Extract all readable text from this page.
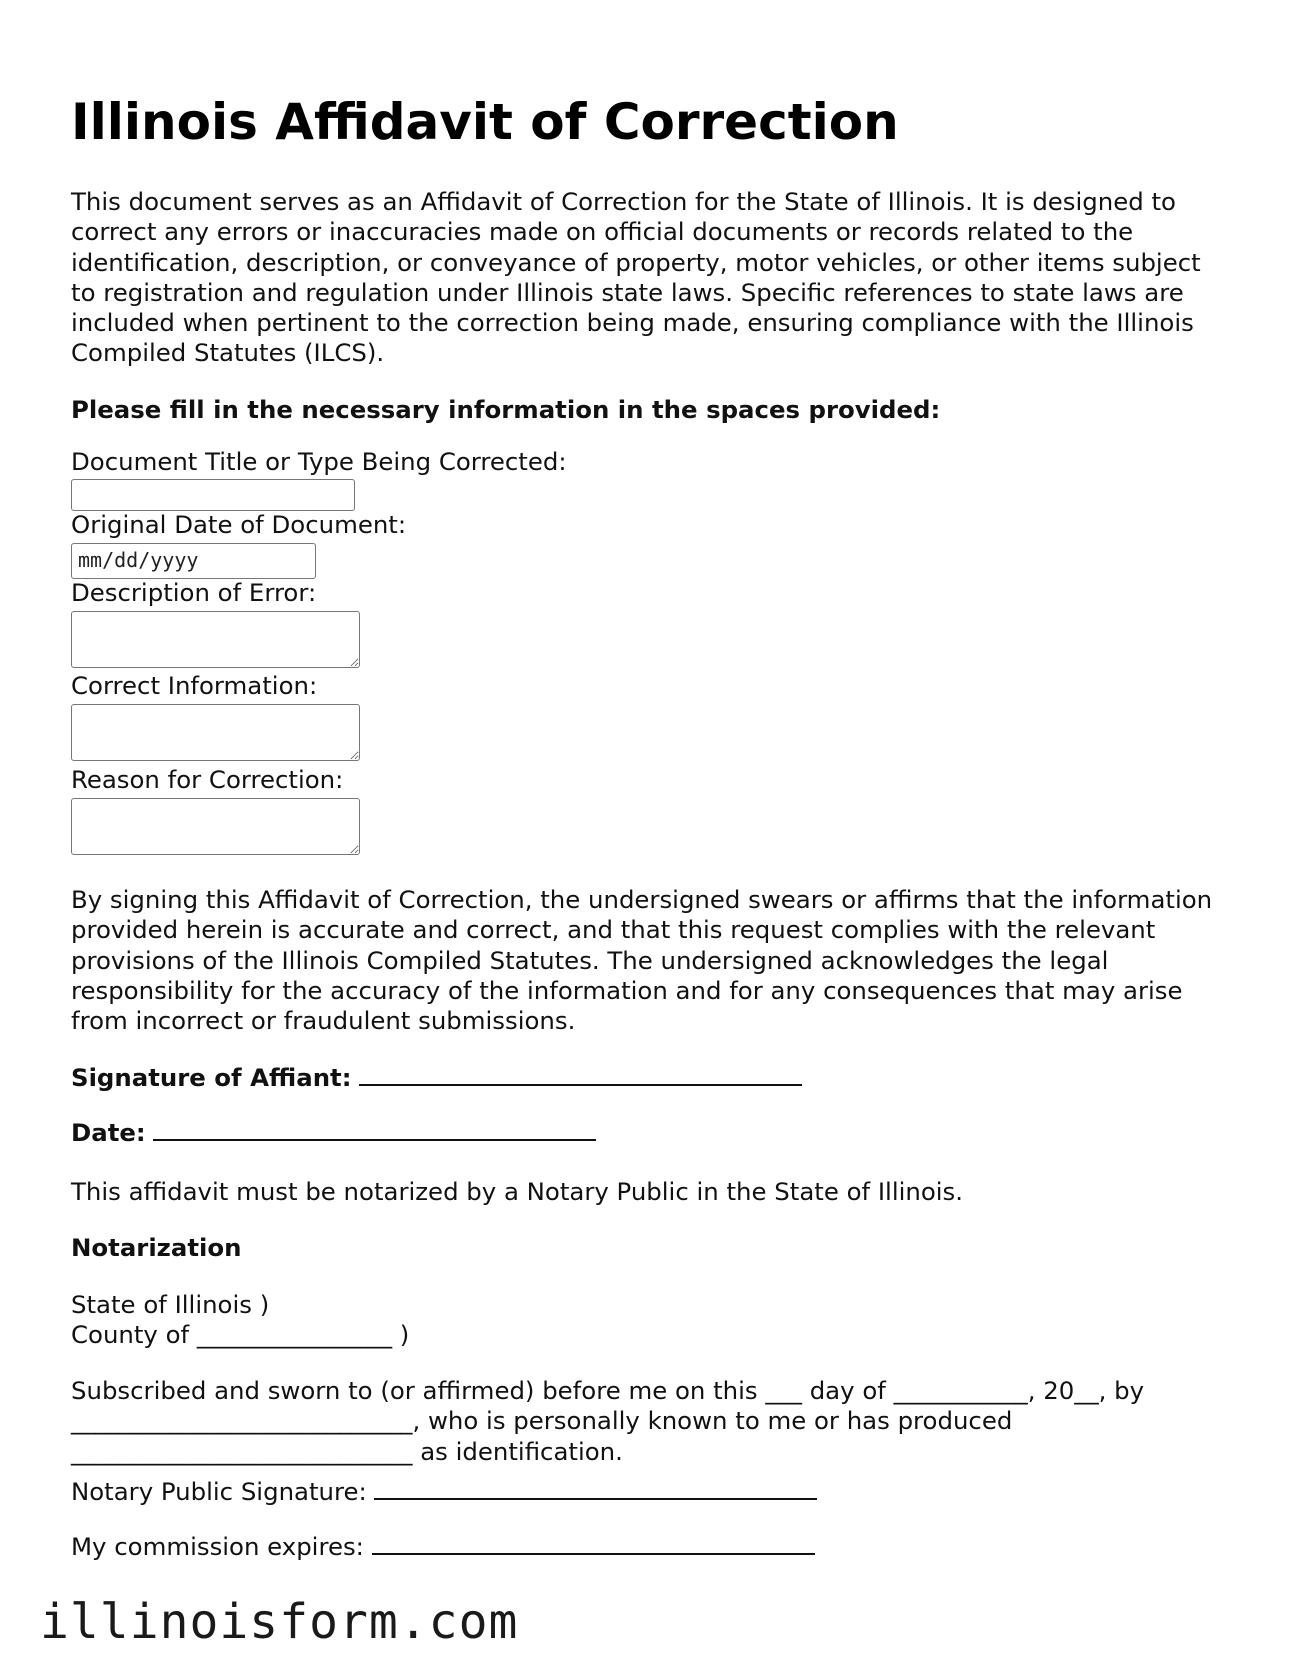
Illinois Affidavit of Correction

This document serves as an Affidavit of Correction for the State of Illinois. It is designed to correct any errors or inaccuracies made on official documents or records related to the identification, description, or conveyance of property, motor vehicles, or other items subject to registration and regulation under Illinois state laws. Specific references to state laws are included when pertinent to the correction being made, ensuring compliance with the Illinois Compiled Statutes (ILCS).

Please fill in the necessary information in the spaces provided:

Document Title or Type Being Corrected:
Original Date of Document:
mm/dd/yyyy
Description of Error:
Correct Information:
Reason for Correction:

By signing this Affidavit of Correction, the undersigned swears or affirms that the information provided herein is accurate and correct, and that this request complies with the relevant provisions of the Illinois Compiled Statutes. The undersigned acknowledges the legal responsibility for the accuracy of the information and for any consequences that may arise from incorrect or fraudulent submissions.

Signature of Affiant:
Date:

This affidavit must be notarized by a Notary Public in the State of Illinois.

Notarization

State of Illinois )

County of ________________ )

Subscribed and sworn to (or affirmed) before me on this ___ day of ___________, 20__, by
____________________________, who is personally known to me or has produced
____________________________ as identification.

Notary Public Signature:
My commission expires:
illinoisform.com
